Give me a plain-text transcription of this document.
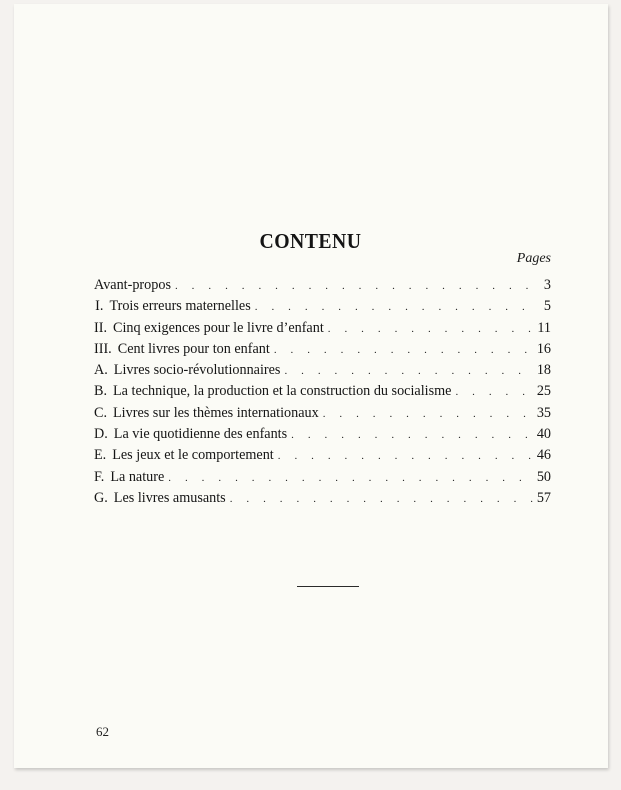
CONTENU
Pages
Avant-propos . . .	3
I. Trois erreurs maternelles . . .	5
II. Cinq exigences pour le livre d’enfant . . .	11
III. Cent livres pour ton enfant . . .	16
A. Livres socio-révolutionnaires . . .	18
B. La technique, la production et la construction du socialisme . . .	25
C. Livres sur les thèmes internationaux . . .	35
D. La vie quotidienne des enfants . . .	40
E. Les jeux et le comportement . . .	46
F. La nature . . .	50
G. Les livres amusants . . .	57
62
